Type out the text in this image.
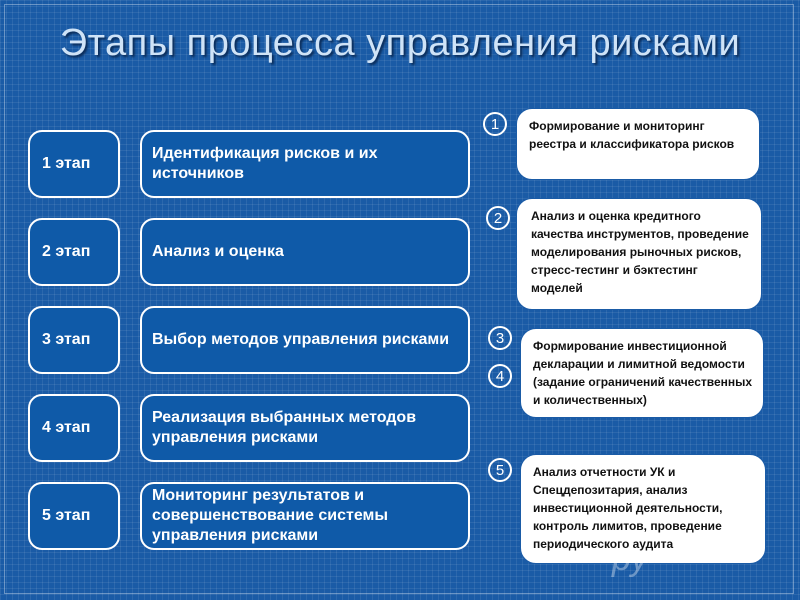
Этапы процесса управления рисками
1 этап
2 этап
3 этап
4 этап
5 этап
Идентификация рисков и их источников
Анализ и оценка
Выбор методов управления рисками
Реализация выбранных методов управления рисками
Мониторинг результатов и совершенствование системы управления рисками
1
2
3
4
5
Формирование и мониторинг реестра и классификатора рисков
Анализ и оценка кредитного качества инструментов, проведение моделирования рыночных рисков, стресс-тестинг и бэктестинг моделей
Формирование инвестиционной декларации и лимитной ведомости (задание ограничений качественных и количественных)
Анализ отчетности УК и Спецдепозитария, анализ инвестиционной деятельности, контроль лимитов, проведение периодического аудита
ру
